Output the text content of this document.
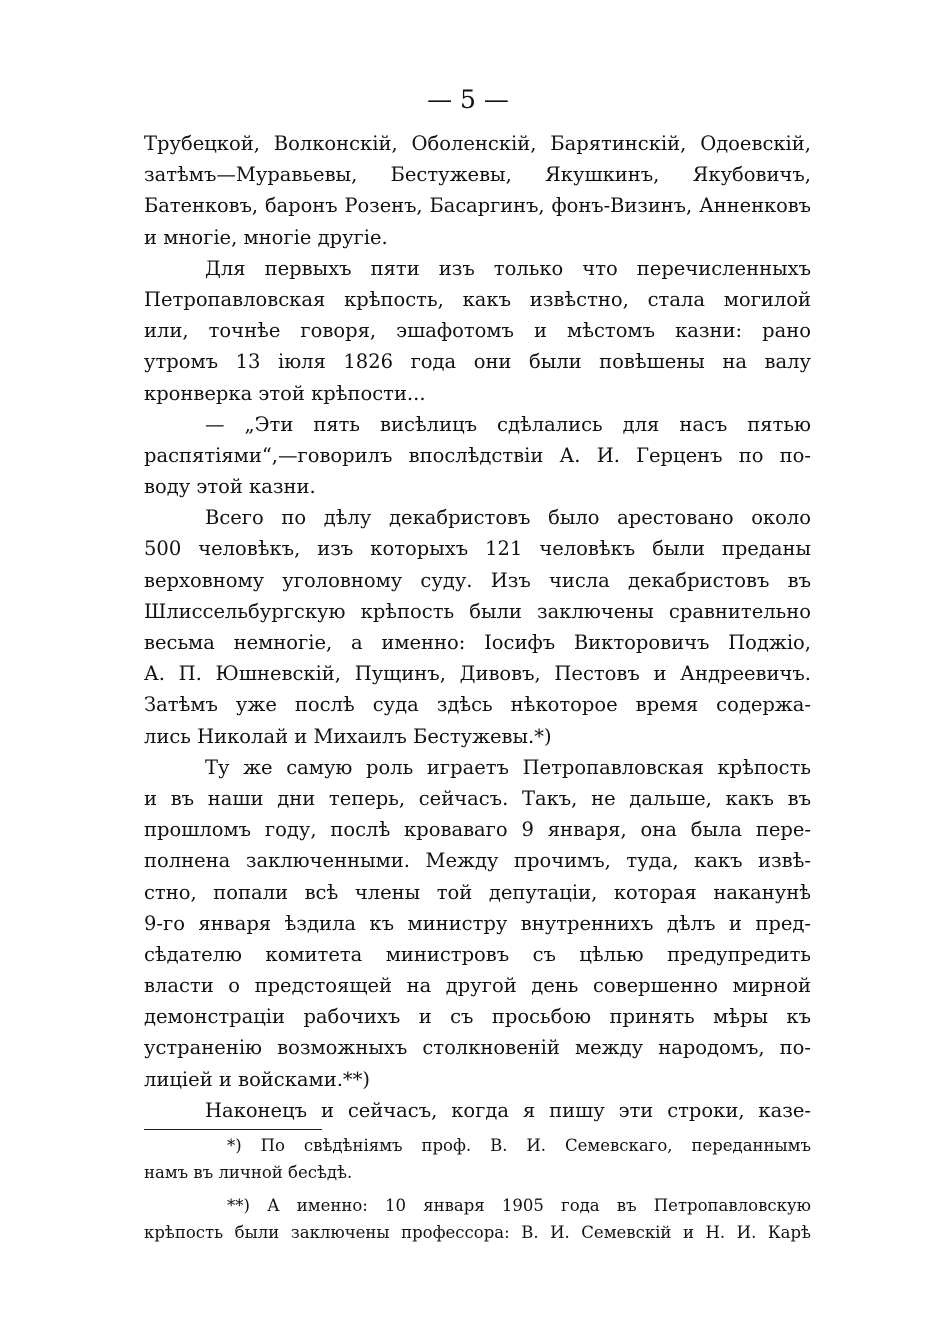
— 5 —
Трубецкой, Волконскій, Оболенскій, Барятинскій, Одоевскій,
затѣмъ—Муравьевы, Бестужевы, Якушкинъ, Якубовичъ,
Батенковъ, баронъ Розенъ, Басаргинъ, фонъ-Визинъ, Анненковъ
и многіе, многіе другіе.
Для первыхъ пяти изъ только что перечисленныхъ
Петропавловская крѣпость, какъ извѣстно, стала могилой
или, точнѣе говоря, эшафотомъ и мѣстомъ казни: рано
утромъ 13 іюля 1826 года они были повѣшены на валу
кронверка этой крѣпости...
— „Эти пять висѣлицъ сдѣлались для насъ пятью
распятіями“,—говорилъ впослѣдствіи А. И. Герценъ по по-
воду этой казни.
Всего по дѣлу декабристовъ было арестовано около
500 человѣкъ, изъ которыхъ 121 человѣкъ были преданы
верховному уголовному суду. Изъ числа декабристовъ въ
Шлиссельбургскую крѣпость были заключены сравнительно
весьма немногіе, а именно: Іосифъ Викторовичъ Поджіо,
А. П. Юшневскій, Пущинъ, Дивовъ, Пестовъ и Андреевичъ.
Затѣмъ уже послѣ суда здѣсь нѣкоторое время содержа-
лись Николай и Михаилъ Бестужевы.*)
Ту же самую роль играетъ Петропавловская крѣпость
и въ наши дни теперь, сейчасъ. Такъ, не дальше, какъ въ
прошломъ году, послѣ кроваваго 9 января, она была пере-
полнена заключенными. Между прочимъ, туда, какъ извѣ-
стно, попали всѣ члены той депутаціи, которая наканунѣ
9-го января ѣздила къ министру внутреннихъ дѣлъ и пред-
сѣдателю комитета министровъ съ цѣлью предупредить
власти о предстоящей на другой день совершенно мирной
демонстраціи рабочихъ и съ просьбою принять мѣры къ
устраненію возможныхъ столкновеній между народомъ, по-
лиціей и войсками.**)
Наконецъ и сейчасъ, когда я пишу эти строки, казе-
*) По свѣдѣніямъ проф. В. И. Семевскаго, переданнымъ
намъ въ личной бесѣдѣ.
**) А именно: 10 января 1905 года въ Петропавловскую
крѣпость были заключены профессора: В. И. Семевскій и Н. И. Карѣ
